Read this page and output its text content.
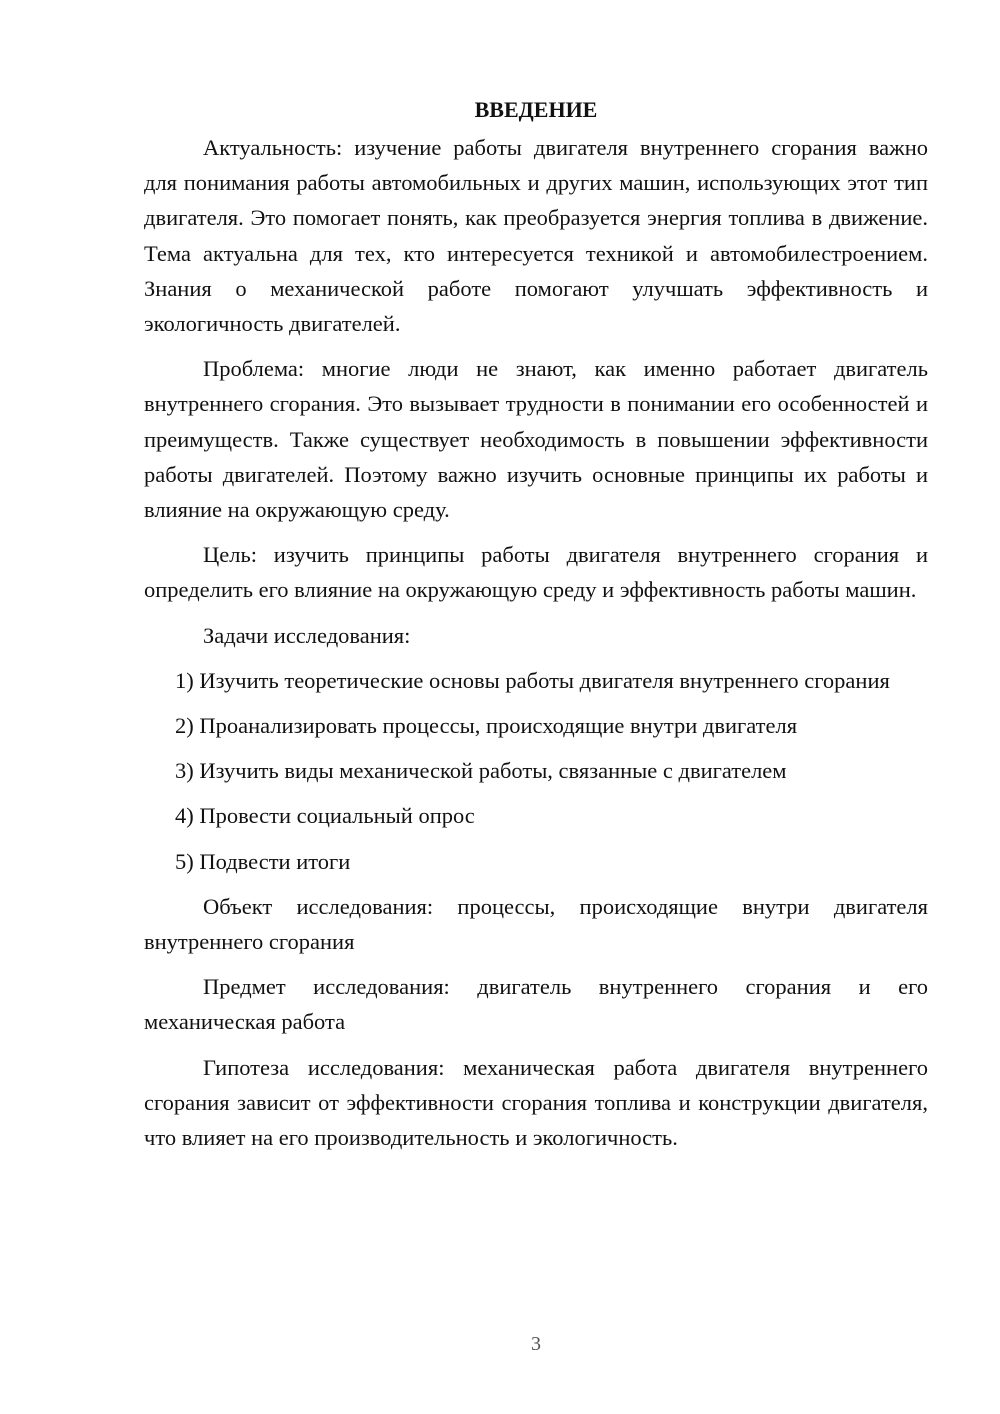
ВВЕДЕНИЕ

Актуальность: изучение работы двигателя внутреннего сгорания важно для понимания работы автомобильных и других машин, использующих этот тип двигателя. Это помогает понять, как преобразуется энергия топлива в движение. Тема актуальна для тех, кто интересуется техникой и автомобилестроением. Знания о механической работе помогают улучшать эффективность и экологичность двигателей.

Проблема: многие люди не знают, как именно работает двигатель внутреннего сгорания. Это вызывает трудности в понимании его особенностей и преимуществ. Также существует необходимость в повышении эффективности работы двигателей. Поэтому важно изучить основные принципы их работы и влияние на окружающую среду.

Цель: изучить принципы работы двигателя внутреннего сгорания и определить его влияние на окружающую среду и эффективность работы машин.

Задачи исследования:

1) Изучить теоретические основы работы двигателя внутреннего сгорания

2) Проанализировать процессы, происходящие внутри двигателя

3) Изучить виды механической работы, связанные с двигателем

4) Провести социальный опрос

5) Подвести итоги

Объект исследования: процессы, происходящие внутри двигателя внутреннего сгорания

Предмет исследования: двигатель внутреннего сгорания и его механическая работа

Гипотеза исследования: механическая работа двигателя внутреннего сгорания зависит от эффективности сгорания топлива и конструкции двигателя, что влияет на его производительность и экологичность.

3
